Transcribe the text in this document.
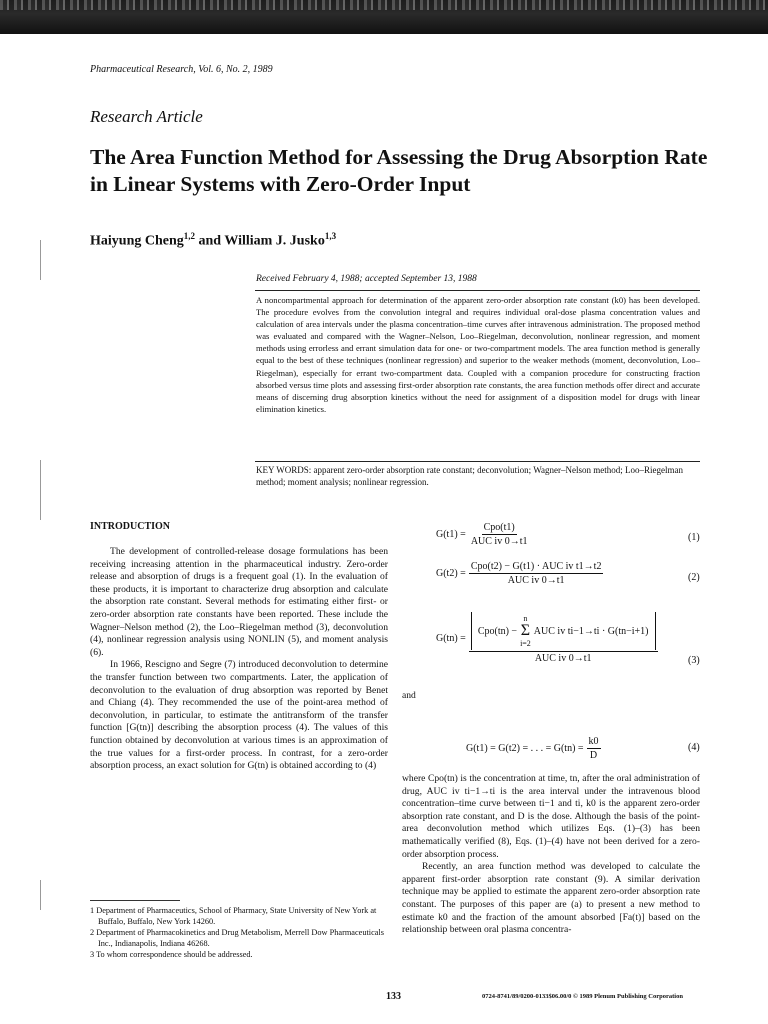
Pharmaceutical Research, Vol. 6, No. 2, 1989
Research Article
The Area Function Method for Assessing the Drug Absorption Rate in Linear Systems with Zero-Order Input
Haiyung Cheng$^{1,2}$ and William J. Jusko$^{1,3}$
Received February 4, 1988; accepted September 13, 1988
A noncompartmental approach for determination of the apparent zero-order absorption rate constant (k0) has been developed. The procedure evolves from the convolution integral and requires individual oral-dose plasma concentration values and calculation of area intervals under the plasma concentration–time curves after intravenous administration. The proposed method was evaluated and compared with the Wagner–Nelson, Loo–Riegelman, deconvolution, nonlinear regression, and moment methods using errorless and errant simulation data for one- or two-compartment models. The area function method is generally equal to the best of these techniques (nonlinear regression) and superior to the weaker methods (moment, deconvolution, Loo–Riegelman), especially for errant two-compartment data. Coupled with a companion procedure for constructing fraction absorbed versus time plots and assessing first-order absorption rate constants, the area function methods offer direct and accurate means of discerning drug absorption kinetics without the need for assignment of a disposition model for drugs with linear elimination kinetics.
KEY WORDS: apparent zero-order absorption rate constant; deconvolution; Wagner–Nelson method; Loo–Riegelman method; moment analysis; nonlinear regression.
INTRODUCTION

The development of controlled-release dosage formulations has been receiving increasing attention in the pharmaceutical industry. Zero-order release and absorption of drugs is a frequent goal (1). In the evaluation of these products, it is important to characterize drug absorption and calculate the absorption rate constant. Several methods for estimating either first- or zero-order absorption rate constants have been reported. These include the Wagner–Nelson method (2), the Loo–Riegelman method (3), deconvolution (4), nonlinear regression analysis using NONLIN (5), and moment analysis (6).

In 1966, Rescigno and Segre (7) introduced deconvolution to determine the transfer function between two compartments. Later, the application of deconvolution to the evaluation of drug absorption was reported by Benet and Chiang (4). They recommended the use of the point-area method of deconvolution, in particular, to estimate the antitransform of the transfer function [G(tn)] describing the absorption process (4). The values of this function obtained by deconvolution at various times is an approximation of the true values for a first-order process. In contrast, for a zero-order absorption process, an exact solution for G(tn) is obtained according to (4)

1 Department of Pharmaceutics, School of Pharmacy, State University of New York at Buffalo, Buffalo, New York 14260.
2 Department of Pharmacokinetics and Drug Metabolism, Merrell Dow Pharmaceuticals Inc., Indianapolis, Indiana 46268.
3 To whom correspondence should be addressed.
$G(t1) = \frac{\text{Cpo(t1)}}{\text{AUC iv 0→t1}}$	(1)
$G(t2) = \frac{\text{Cpo(t2) − G(t1) · AUC iv t1→t2}}{\text{AUC iv 0→t1}}$	(2)
G(tn) = Cpo(tn) −
n
Σ
i=2
AUC iv ti−1→ti · G(tn−i+1)
AUC iv 0→t1	(3)
and
G(t1) = G(t2) = . . . = $G(tn) = \frac{k0}{D}$	(4)

where Cpo(tn) is the concentration at time, tn, after the oral administration of drug, AUC iv ti−1→ti is the area interval under the intravenous blood concentration–time curve between ti−1 and ti, k0 is the apparent zero-order absorption rate constant, and D is the dose. Although the basis of the point-area deconvolution method which utilizes Eqs. (1)–(3) has been mathematically verified (8), Eqs. (1)–(4) have not been derived for a zero-order absorption process.

Recently, an area function method was developed to calculate the apparent first-order absorption rate constant (9). A similar derivation technique may be applied to estimate the apparent zero-order absorption rate constant. The purposes of this paper are (a) to present a new method to estimate k0 and the fraction of the amount absorbed [Fa(t)] based on the relationship between oral plasma concentra-

133	0724-8741/89/0200-0133$06.00/0 © 1989 Plenum Publishing Corporation
